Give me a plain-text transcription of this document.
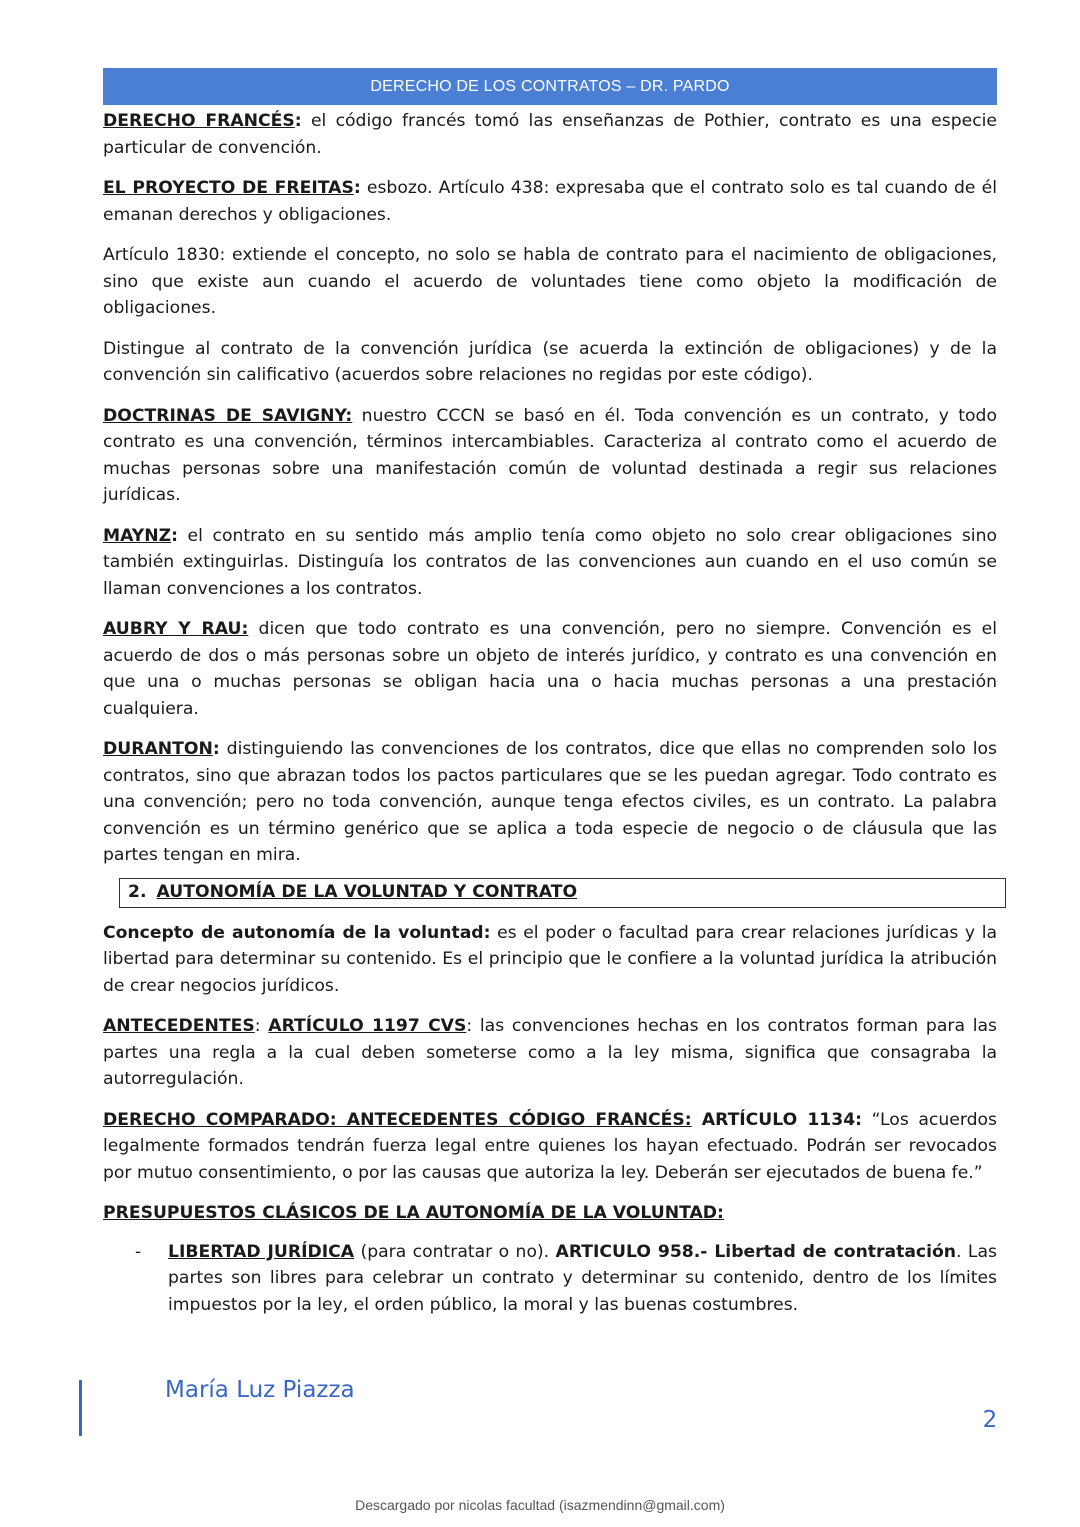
DERECHO DE LOS CONTRATOS – DR. PARDO

DERECHO FRANCÉS: el código francés tomó las enseñanzas de Pothier, contrato es una especie particular de convención.

EL PROYECTO DE FREITAS: esbozo. Artículo 438: expresaba que el contrato solo es tal cuando de él emanan derechos y obligaciones.

Artículo 1830: extiende el concepto, no solo se habla de contrato para el nacimiento de obligaciones, sino que existe aun cuando el acuerdo de voluntades tiene como objeto la modificación de obligaciones.

Distingue al contrato de la convención jurídica (se acuerda la extinción de obligaciones) y de la convención sin calificativo (acuerdos sobre relaciones no regidas por este código).

DOCTRINAS DE SAVIGNY: nuestro CCCN se basó en él. Toda convención es un contrato, y todo contrato es una convención, términos intercambiables. Caracteriza al contrato como el acuerdo de muchas personas sobre una manifestación común de voluntad destinada a regir sus relaciones jurídicas.

MAYNZ: el contrato en su sentido más amplio tenía como objeto no solo crear obligaciones sino también extinguirlas. Distinguía los contratos de las convenciones aun cuando en el uso común se llaman convenciones a los contratos.

AUBRY Y RAU: dicen que todo contrato es una convención, pero no siempre. Convención es el acuerdo de dos o más personas sobre un objeto de interés jurídico, y contrato es una convención en que una o muchas personas se obligan hacia una o hacia muchas personas a una prestación cualquiera.

DURANTON: distinguiendo las convenciones de los contratos, dice que ellas no comprenden solo los contratos, sino que abrazan todos los pactos particulares que se les puedan agregar. Todo contrato es una convención; pero no toda convención, aunque tenga efectos civiles, es un contrato. La palabra convención es un término genérico que se aplica a toda especie de negocio o de cláusula que las partes tengan en mira.

2. AUTONOMÍA DE LA VOLUNTAD Y CONTRATO

Concepto de autonomía de la voluntad: es el poder o facultad para crear relaciones jurídicas y la libertad para determinar su contenido. Es el principio que le confiere a la voluntad jurídica la atribución de crear negocios jurídicos.

ANTECEDENTES: ARTÍCULO 1197 CVS: las convenciones hechas en los contratos forman para las partes una regla a la cual deben someterse como a la ley misma, significa que consagraba la autorregulación.

DERECHO COMPARADO: ANTECEDENTES CÓDIGO FRANCÉS: ARTÍCULO 1134: “Los acuerdos legalmente formados tendrán fuerza legal entre quienes los hayan efectuado. Podrán ser revocados por mutuo consentimiento, o por las causas que autoriza la ley. Deberán ser ejecutados de buena fe.”

PRESUPUESTOS CLÁSICOS DE LA AUTONOMÍA DE LA VOLUNTAD:

-	LIBERTAD JURÍDICA (para contratar o no). ARTICULO 958.- Libertad de contratación. Las partes son libres para celebrar un contrato y determinar su contenido, dentro de los límites impuestos por la ley, el orden público, la moral y las buenas costumbres.
María Luz Piazza
2
Descargado por nicolas facultad (isazmendinn@gmail.com)
